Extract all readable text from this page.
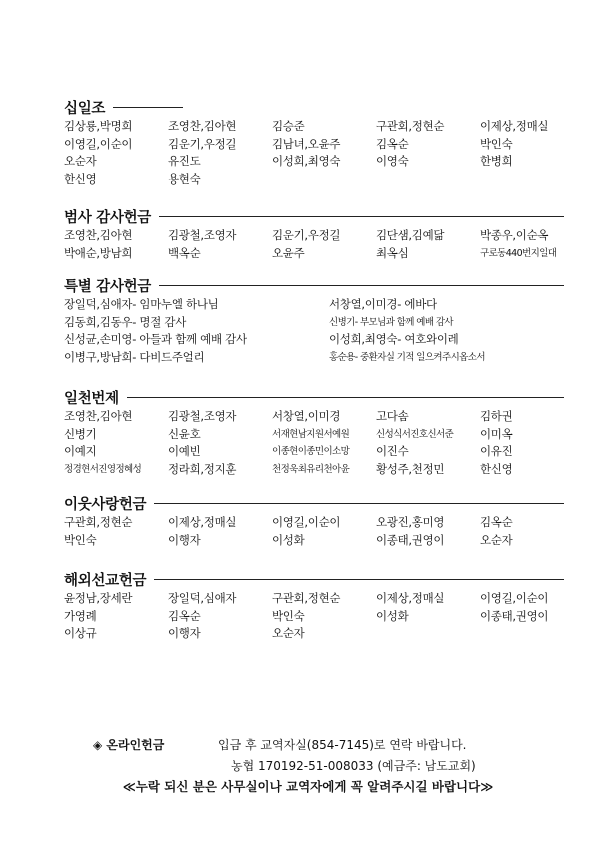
십일조
김상룡,박명희	조영찬,김아현	김승준	구관회,정현순	이제상,정매실
이영길,이순이	김운기,우정길	김남녀,오윤주	김옥순	박인숙
오순자	유진도	이성희,최영숙	이영숙	한병희
한신영	용현숙
범사 감사헌금
조영찬,김아현	김광철,조영자	김운기,우정길	김단샘,김예닮	박종우,이순옥
박애순,방남희	백옥순	오윤주	최옥심	구로동440번지일대
특별 감사헌금
장일덕,심애자- 임마누엘 하나님	서창열,이미경- 에바다
김동희,김동우- 명절 감사	신병기- 부모님과 함께 예배 감사
신성균,손미영- 아들과 함께 예배 감사	이성희,최영숙- 여호와이레
이병구,방남희- 다비드주얼리	홍순용- 중환자실 기적 일으켜주시옵소서
일천번제
조영찬,김아현	김광철,조영자	서창열,이미경	고다솜	김하권
신병기	신윤호	서재현남지원서예원	신성식서진호신서준	이미옥
이예지	이예빈	이종현이종민이소망	이진수	이유진
정경현서진영정혜성	정라희,정지훈	천정욱최유리천아윤	황성주,천정민	한신영
이웃사랑헌금
구관회,정현순	이제상,정매실	이영길,이순이	오광진,홍미영	김옥순
박인숙	이행자	이성화	이종태,권영이	오순자
해외선교헌금
윤정남,장세란	장일덕,심애자	구관회,정현순	이제상,정매실	이영길,이순이
가영례	김옥순	박인숙	이성화	이종태,권영이
이상규	이행자	오순자
◈ 온라인헌금	입금 후 교역자실(854-7145)로 연락 바랍니다.
농협 170192-51-008033 (예금주: 남도교회)
≪누락 되신 분은 사무실이나 교역자에게 꼭 알려주시길 바랍니다≫
